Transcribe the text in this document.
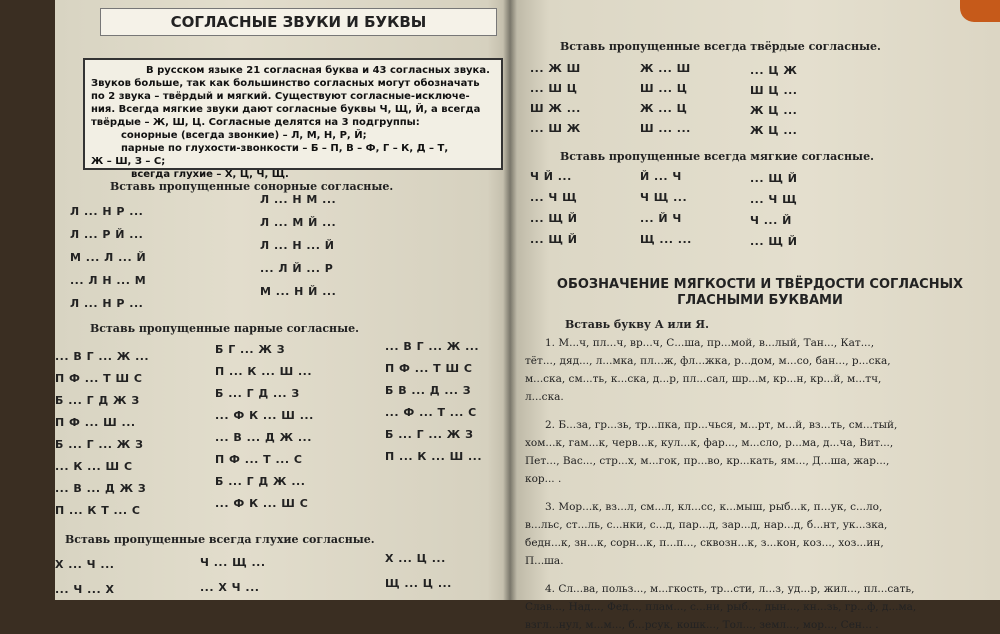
СОГЛАСНЫЕ ЗВУКИ И БУКВЫ
В русском языке 21 согласная буква и 43 согласных звука.
Звуков больше, так как большинство согласных могут обозначать
по 2 звука – твёрдый и мягкий. Существуют согласные-исключе-
ния. Всегда мягкие звуки дают согласные буквы Ч, Щ, Й, а всегда
твёрдые – Ж, Ш, Ц. Согласные делятся на 3 подгруппы:
сонорные (всегда звонкие) – Л, М, Н, Р, Й;
парные по глухости-звонкости – Б – П, В – Ф, Г – К, Д – Т,
Ж – Ш, З – С;
всегда глухие – Х, Ц, Ч, Щ.
Вставь пропущенные сонорные согласные.
Л ... Н Р ...
Л ... Р Й ...
М ... Л ... Й
... Л Н ... М
Л ... Н Р ...
Л ... Н М ...
Л ... М Й ...
Л ... Н ... Й
... Л Й ... Р
М ... Н Й ...
Вставь пропущенные парные согласные.
... В Г ... Ж ...
П Ф ... Т Ш С
Б ... Г Д Ж З
П Ф ... Ш ...
Б ... Г ... Ж З
... К ... Ш С
... В ... Д Ж З
П ... К Т ... С
Б Г ... Ж З
П ... К ... Ш ...
Б ... Г Д ... З
... Ф К ... Ш ...
... В ... Д Ж ...
П Ф ... Т ... С
Б ... Г Д Ж ...
... Ф К ... Ш С
... В Г ... Ж ...
П Ф ... Т Ш С
Б В ... Д ... З
... Ф ... Т ... С
Б ... Г ... Ж З
П ... К ... Ш ...
Вставь пропущенные всегда глухие согласные.
Х ... Ч ...
... Ч ... Х
Ч ... Щ ...
... Х Ч ...
Х ... Ц ...
Щ ... Ц ...
Вставь пропущенные всегда твёрдые согласные.
... Ж Ш
... Ш Ц
Ш Ж ...
... Ш Ж
Ж ... Ш
Ш ... Ц
Ж ... Ц
Ш ... ...
... Ц Ж
Ш Ц ...
Ж Ц ...
Ж Ц ...
Вставь пропущенные всегда мягкие согласные.
Ч Й ...
... Ч Щ
... Щ Й
... Щ Й
Й ... Ч
Ч Щ ...
... Й Ч
Щ ... ...
... Щ Й
... Ч Щ
Ч ... Й
... Щ Й
ОБОЗНАЧЕНИЕ МЯГКОСТИ И ТВЁРДОСТИ СОГЛАСНЫХ
ГЛАСНЫМИ БУКВАМИ
Вставь букву А или Я.
1. М...ч, пл...ч, вр...ч, С...ша, пр...мой, в...лый, Тан..., Кат...,
тёт..., дяд..., л...мка, пл...ж, фл...жка, р...дом, м...со, бан..., р...ска,
м...ска, см...ть, к...ска, д...р, пл...сал, шр...м, кр...н, кр...й, м...тч,
л...ска.
2. Б...за, гр...зь, тр...пка, пр...чься, м...рт, м...й, вз...ть, см...тый,
хом...к, гам...к, черв...к, кул...к, фар..., м...сло, р...ма, д...ча, Вит...,
Пет..., Вас..., стр...х, м...гок, пр...во, кр...кать, ям..., Д...ша, жар...,
кор... .
3. Мор...к, вз...л, см...л, кл...сс, к...мыш, рыб...к, п...ук, с...ло,
в...льс, ст...ль, с...нки, с...д, пар...д, зар...д, нар...д, б...нт, ук...зка,
бедн...к, зн...к, сорн...к, п...п..., сквозн...к, з...кон, коз..., хоз...ин,
П...ша.
4. Сл...ва, польз..., м...гкость, тр...сти, л...з, уд...р, жил..., пл...сать,
Слав..., Над..., Фед..., плам..., с...ни, рыб..., дын..., кн...зь, гр...ф, д...ма,
взгл...нул, м...м..., б...рсук, кошк..., Тол..., земл..., мор..., Сен... .
